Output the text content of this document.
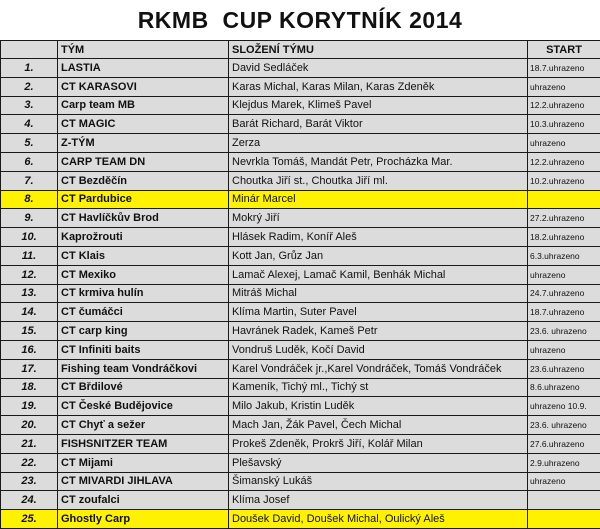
RKMB  CUP KORYTNÍK 2014
	TÝM	SLOŽENÍ TÝMU	START
1.	LASTIA	David Sedláček	18.7.uhrazeno
2.	CT KARASOVI	Karas Michal, Karas Milan, Karas Zdeněk	uhrazeno
3.	Carp team MB	Klejdus Marek, Klimeš Pavel	12.2.uhrazeno
4.	CT MAGIC	Barát Richard, Barát Viktor	10.3.uhrazeno
5.	Z-TÝM	Zerza	uhrazeno
6.	CARP TEAM DN	Nevrkla Tomáš, Mandát Petr, Procházka Mar.	12.2.uhrazeno
7.	CT Bezděčín	Choutka Jiří st., Choutka Jiří ml.	10.2.uhrazeno
8.	CT Pardubice	Minár Marcel	
9.	CT Havlíčkův Brod	Mokrý Jiří	27.2.uhrazeno
10.	Kaprožrouti	Hlásek Radim, Koníř Aleš	18.2.uhrazeno
11.	CT Klais	Kott Jan, Grůz Jan	6.3.uhrazeno
12.	CT Mexiko	Lamač Alexej, Lamač Kamil, Benhák Michal	uhrazeno
13.	CT krmiva hulín	Mitráš Michal	24.7.uhrazeno
14.	CT čumáčci	Klíma Martin, Suter Pavel	18.7.uhrazeno
15.	CT carp king	Havránek Radek, Kameš Petr	23.6. uhrazeno
16.	CT Infiniti baits	Vondruš Luděk, Kočí David	uhrazeno
17.	Fishing team Vondráčkovi	Karel Vondráček jr.,Karel Vondráček, Tomáš Vondráček	23.6.uhrazeno
18.	CT Břdilové	Kameník, Tichý ml., Tichý st	8.6.uhrazeno
19.	CT České Budějovice	Milo Jakub, Kristin Luděk	uhrazeno 10.9.
20.	CT Chyť a sežer	Mach Jan, Žák Pavel, Čech Michal	23.6. uhrazeno
21.	FISHSNITZER TEAM	Prokeš Zdeněk, Prokrš Jiří, Kolář Milan	27.6.uhrazeno
22.	CT Mijami	Plešavský	2.9.uhrazeno
23.	CT MIVARDI JIHLAVA	Šimanský Lukáš	uhrazeno
24.	CT zoufalci	Klíma Josef	
25.	Ghostly Carp	Doušek David, Doušek Michal, Oulický Aleš	
